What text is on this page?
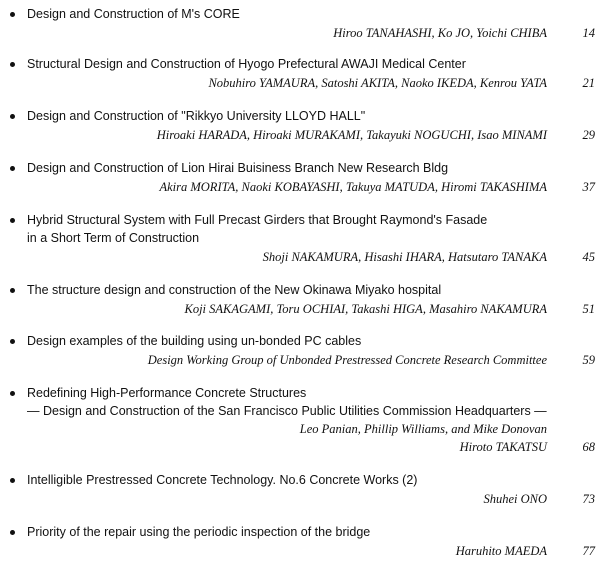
Design and Construction of M's CORE
Hiroo TANAHASHI, Ko JO, Yoichi CHIBA	14
Structural Design and Construction of Hyogo Prefectural AWAJI Medical Center
Nobuhiro YAMAURA, Satoshi AKITA, Naoko IKEDA, Kenrou YATA	21
Design and Construction of "Rikkyo University LLOYD HALL"
Hiroaki HARADA, Hiroaki MURAKAMI, Takayuki NOGUCHI, Isao MINAMI	29
Design and Construction of Lion Hirai Buisiness Branch New Research Bldg
Akira MORITA, Naoki KOBAYASHI, Takuya MATUDA, Hiromi TAKASHIMA	37
Hybrid Structural System with Full Precast Girders that Brought Raymond's Fasade
in a Short Term of Construction
Shoji NAKAMURA, Hisashi IHARA, Hatsutaro TANAKA	45
The structure design and construction of the New Okinawa Miyako hospital
Koji SAKAGAMI, Toru OCHIAI, Takashi HIGA, Masahiro NAKAMURA	51
Design examples of the building using un-bonded PC cables
Design Working Group of Unbonded Prestressed Concrete Research Committee	59
Redefining High-Performance Concrete Structures
— Design and Construction of the San Francisco Public Utilities Commission Headquarters —
Leo Panian, Phillip Williams, and Mike Donovan
Hiroto TAKATSU	68
Intelligible Prestressed Concrete Technology. No.6 Concrete Works (2)
Shuhei ONO	73
Priority of the repair using the periodic inspection of the bridge
Haruhito MAEDA	77
